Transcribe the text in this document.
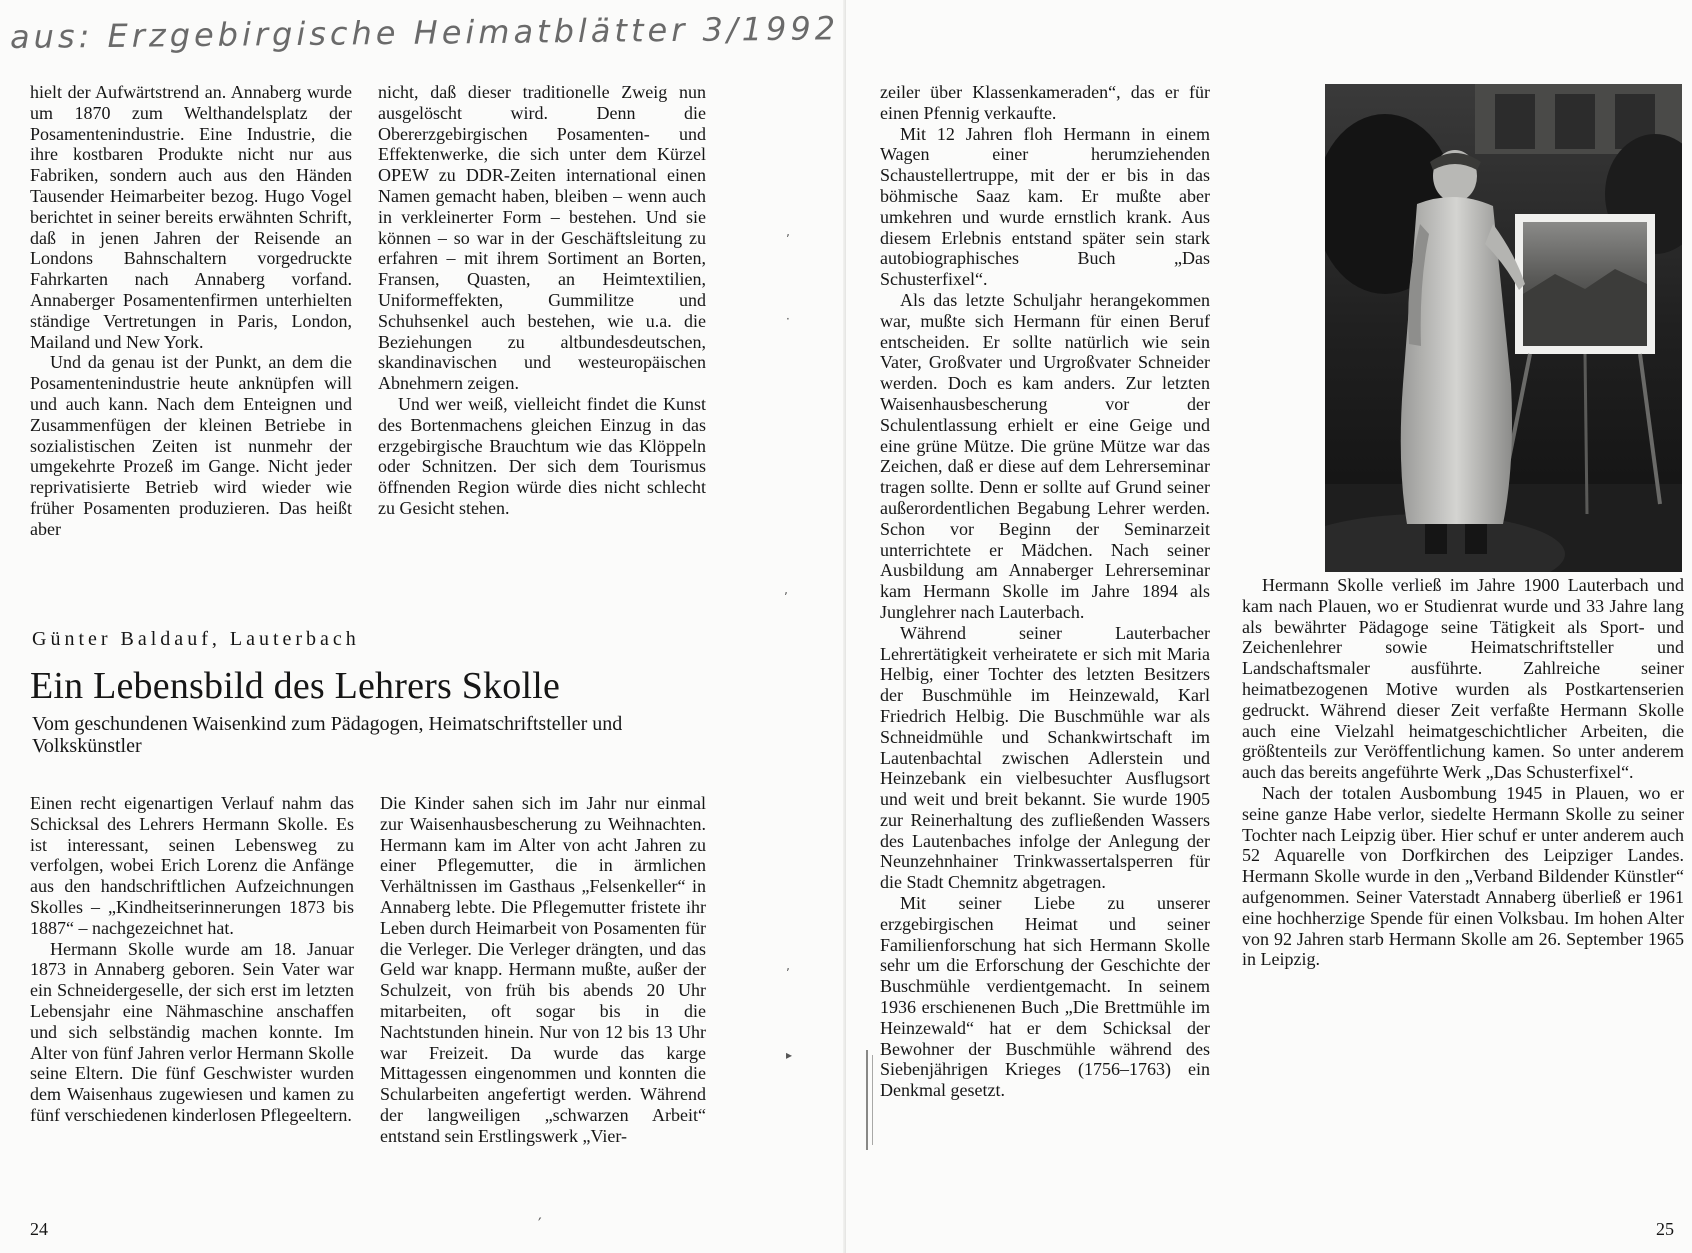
aus: Erzgebirgische Heimatblätter 3/1992

hielt der Aufwärtstrend an. Annaberg wurde um 1870 zum Welthandelsplatz der Posamentenindustrie. Eine Industrie, die ihre kostbaren Produkte nicht nur aus Fabriken, sondern auch aus den Händen Tausender Heimarbeiter bezog. Hugo Vogel berichtet in seiner bereits erwähnten Schrift, daß in jenen Jahren der Reisende an Londons Bahnschaltern vorgedruckte Fahrkarten nach Annaberg vorfand. Annaberger Posamentenfirmen unterhielten ständige Vertretungen in Paris, London, Mailand und New York.

Und da genau ist der Punkt, an dem die Posamentenindustrie heute anknüpfen will und auch kann. Nach dem Enteignen und Zusammenfügen der kleinen Betriebe in sozialistischen Zeiten ist nunmehr der umgekehrte Prozeß im Gange. Nicht jeder reprivatisierte Betrieb wird wieder wie früher Posamenten produzieren. Das heißt aber

nicht, daß dieser traditionelle Zweig nun ausgelöscht wird. Denn die Obererzgebirgischen Posamenten- und Effektenwerke, die sich unter dem Kürzel OPEW zu DDR-Zeiten international einen Namen gemacht haben, bleiben – wenn auch in verkleinerter Form – bestehen. Und sie können – so war in der Geschäftsleitung zu erfahren – mit ihrem Sortiment an Borten, Fransen, Quasten, an Heimtextilien, Uniformeffekten, Gummilitze und Schuhsenkel auch bestehen, wie u.a. die Beziehungen zu altbundesdeutschen, skandinavischen und westeuropäischen Abnehmern zeigen.

Und wer weiß, vielleicht findet die Kunst des Bortenmachens gleichen Einzug in das erzgebirgische Brauchtum wie das Klöppeln oder Schnitzen. Der sich dem Tourismus öffnenden Region würde dies nicht schlecht zu Gesicht stehen.

Günter Baldauf, Lauterbach
Ein Lebensbild des Lehrers Skolle
Vom geschundenen Waisenkind zum Pädagogen, Heimatschriftsteller und Volkskünstler

Einen recht eigenartigen Verlauf nahm das Schicksal des Lehrers Hermann Skolle. Es ist interessant, seinen Lebensweg zu verfolgen, wobei Erich Lorenz die Anfänge aus den handschriftlichen Aufzeichnungen Skolles – „Kindheitserinnerungen 1873 bis 1887“ – nachgezeichnet hat.

Hermann Skolle wurde am 18. Januar 1873 in Annaberg geboren. Sein Vater war ein Schneidergeselle, der sich erst im letzten Lebensjahr eine Nähmaschine anschaffen und sich selbständig machen konnte. Im Alter von fünf Jahren verlor Hermann Skolle seine Eltern. Die fünf Geschwister wurden dem Waisenhaus zugewiesen und kamen zu fünf verschiedenen kinderlosen Pflegeeltern.

Die Kinder sahen sich im Jahr nur einmal zur Waisenhausbescherung zu Weihnachten. Hermann kam im Alter von acht Jahren zu einer Pflegemutter, die in ärmlichen Verhältnissen im Gasthaus „Felsenkeller“ in Annaberg lebte. Die Pflegemutter fristete ihr Leben durch Heimarbeit von Posamenten für die Verleger. Die Verleger drängten, und das Geld war knapp. Hermann mußte, außer der Schulzeit, von früh bis abends 20 Uhr mitarbeiten, oft sogar bis in die Nachtstunden hinein. Nur von 12 bis 13 Uhr war Freizeit. Da wurde das karge Mittagessen eingenommen und konnten die Schularbeiten angefertigt werden. Während der langweiligen „schwarzen Arbeit“ entstand sein Erstlingswerk „Vier-

24	′

zeiler über Klassenkameraden“, das er für einen Pfennig verkaufte.

Mit 12 Jahren floh Hermann in einem Wagen einer herumziehenden Schaustellertruppe, mit der er bis in das böhmische Saaz kam. Er mußte aber umkehren und wurde ernstlich krank. Aus diesem Erlebnis entstand später sein stark autobiographisches Buch „Das Schusterfixel“.

Als das letzte Schuljahr herangekommen war, mußte sich Hermann für einen Beruf entscheiden. Er sollte natürlich wie sein Vater, Großvater und Urgroßvater Schneider werden. Doch es kam anders. Zur letzten Waisenhausbescherung vor der Schulentlassung erhielt er eine Geige und eine grüne Mütze. Die grüne Mütze war das Zeichen, daß er diese auf dem Lehrerseminar tragen sollte. Denn er sollte auf Grund seiner außerordentlichen Begabung Lehrer werden. Schon vor Beginn der Seminarzeit unterrichtete er Mädchen. Nach seiner Ausbildung am Annaberger Lehrerseminar kam Hermann Skolle im Jahre 1894 als Junglehrer nach Lauterbach.

Während seiner Lauterbacher Lehrertätigkeit verheiratete er sich mit Maria Helbig, einer Tochter des letzten Besitzers der Buschmühle im Heinzewald, Karl Friedrich Helbig. Die Buschmühle war als Schneidmühle und Schankwirtschaft im Lautenbachtal zwischen Adlerstein und Heinzebank ein vielbesuchter Ausflugsort und weit und breit bekannt. Sie wurde 1905 zur Reinerhaltung des zufließenden Wassers des Lautenbaches infolge der Anlegung der Neunzehnhainer Trinkwassertalsperren für die Stadt Chemnitz abgetragen.

Mit seiner Liebe zu unserer erzgebirgischen Heimat und seiner Familienforschung hat sich Hermann Skolle sehr um die Erforschung der Geschichte der Buschmühle verdientgemacht. In seinem 1936 erschienenen Buch „Die Brettmühle im Heinzewald“ hat er dem Schicksal der Bewohner der Buschmühle während des Siebenjährigen Krieges (1756–1763) ein Denkmal gesetzt.

Hermann Skolle verließ im Jahre 1900 Lauterbach und kam nach Plauen, wo er Studienrat wurde und 33 Jahre lang als bewährter Pädagoge seine Tätigkeit als Sport- und Zeichenlehrer sowie Heimatschriftsteller und Landschaftsmaler ausführte. Zahlreiche seiner heimatbezogenen Motive wurden als Postkartenserien gedruckt. Während dieser Zeit verfaßte Hermann Skolle auch eine Vielzahl heimatgeschichtlicher Arbeiten, die größtenteils zur Veröffentlichung kamen. So unter anderem auch das bereits angeführte Werk „Das Schusterfixel“.

Nach der totalen Ausbombung 1945 in Plauen, wo er seine ganze Habe verlor, siedelte Hermann Skolle zu seiner Tochter nach Leipzig über. Hier schuf er unter anderem auch 52 Aquarelle von Dorfkirchen des Leipziger Landes. Hermann Skolle wurde in den „Verband Bildender Künstler“ aufgenommen. Seiner Vaterstadt Annaberg überließ er 1961 eine hochherzige Spende für einen Volksbau. Im hohen Alter von 92 Jahren starb Hermann Skolle am 26. September 1965 in Leipzig.

25
ʼ
·
ʼ
ʼ
▸
